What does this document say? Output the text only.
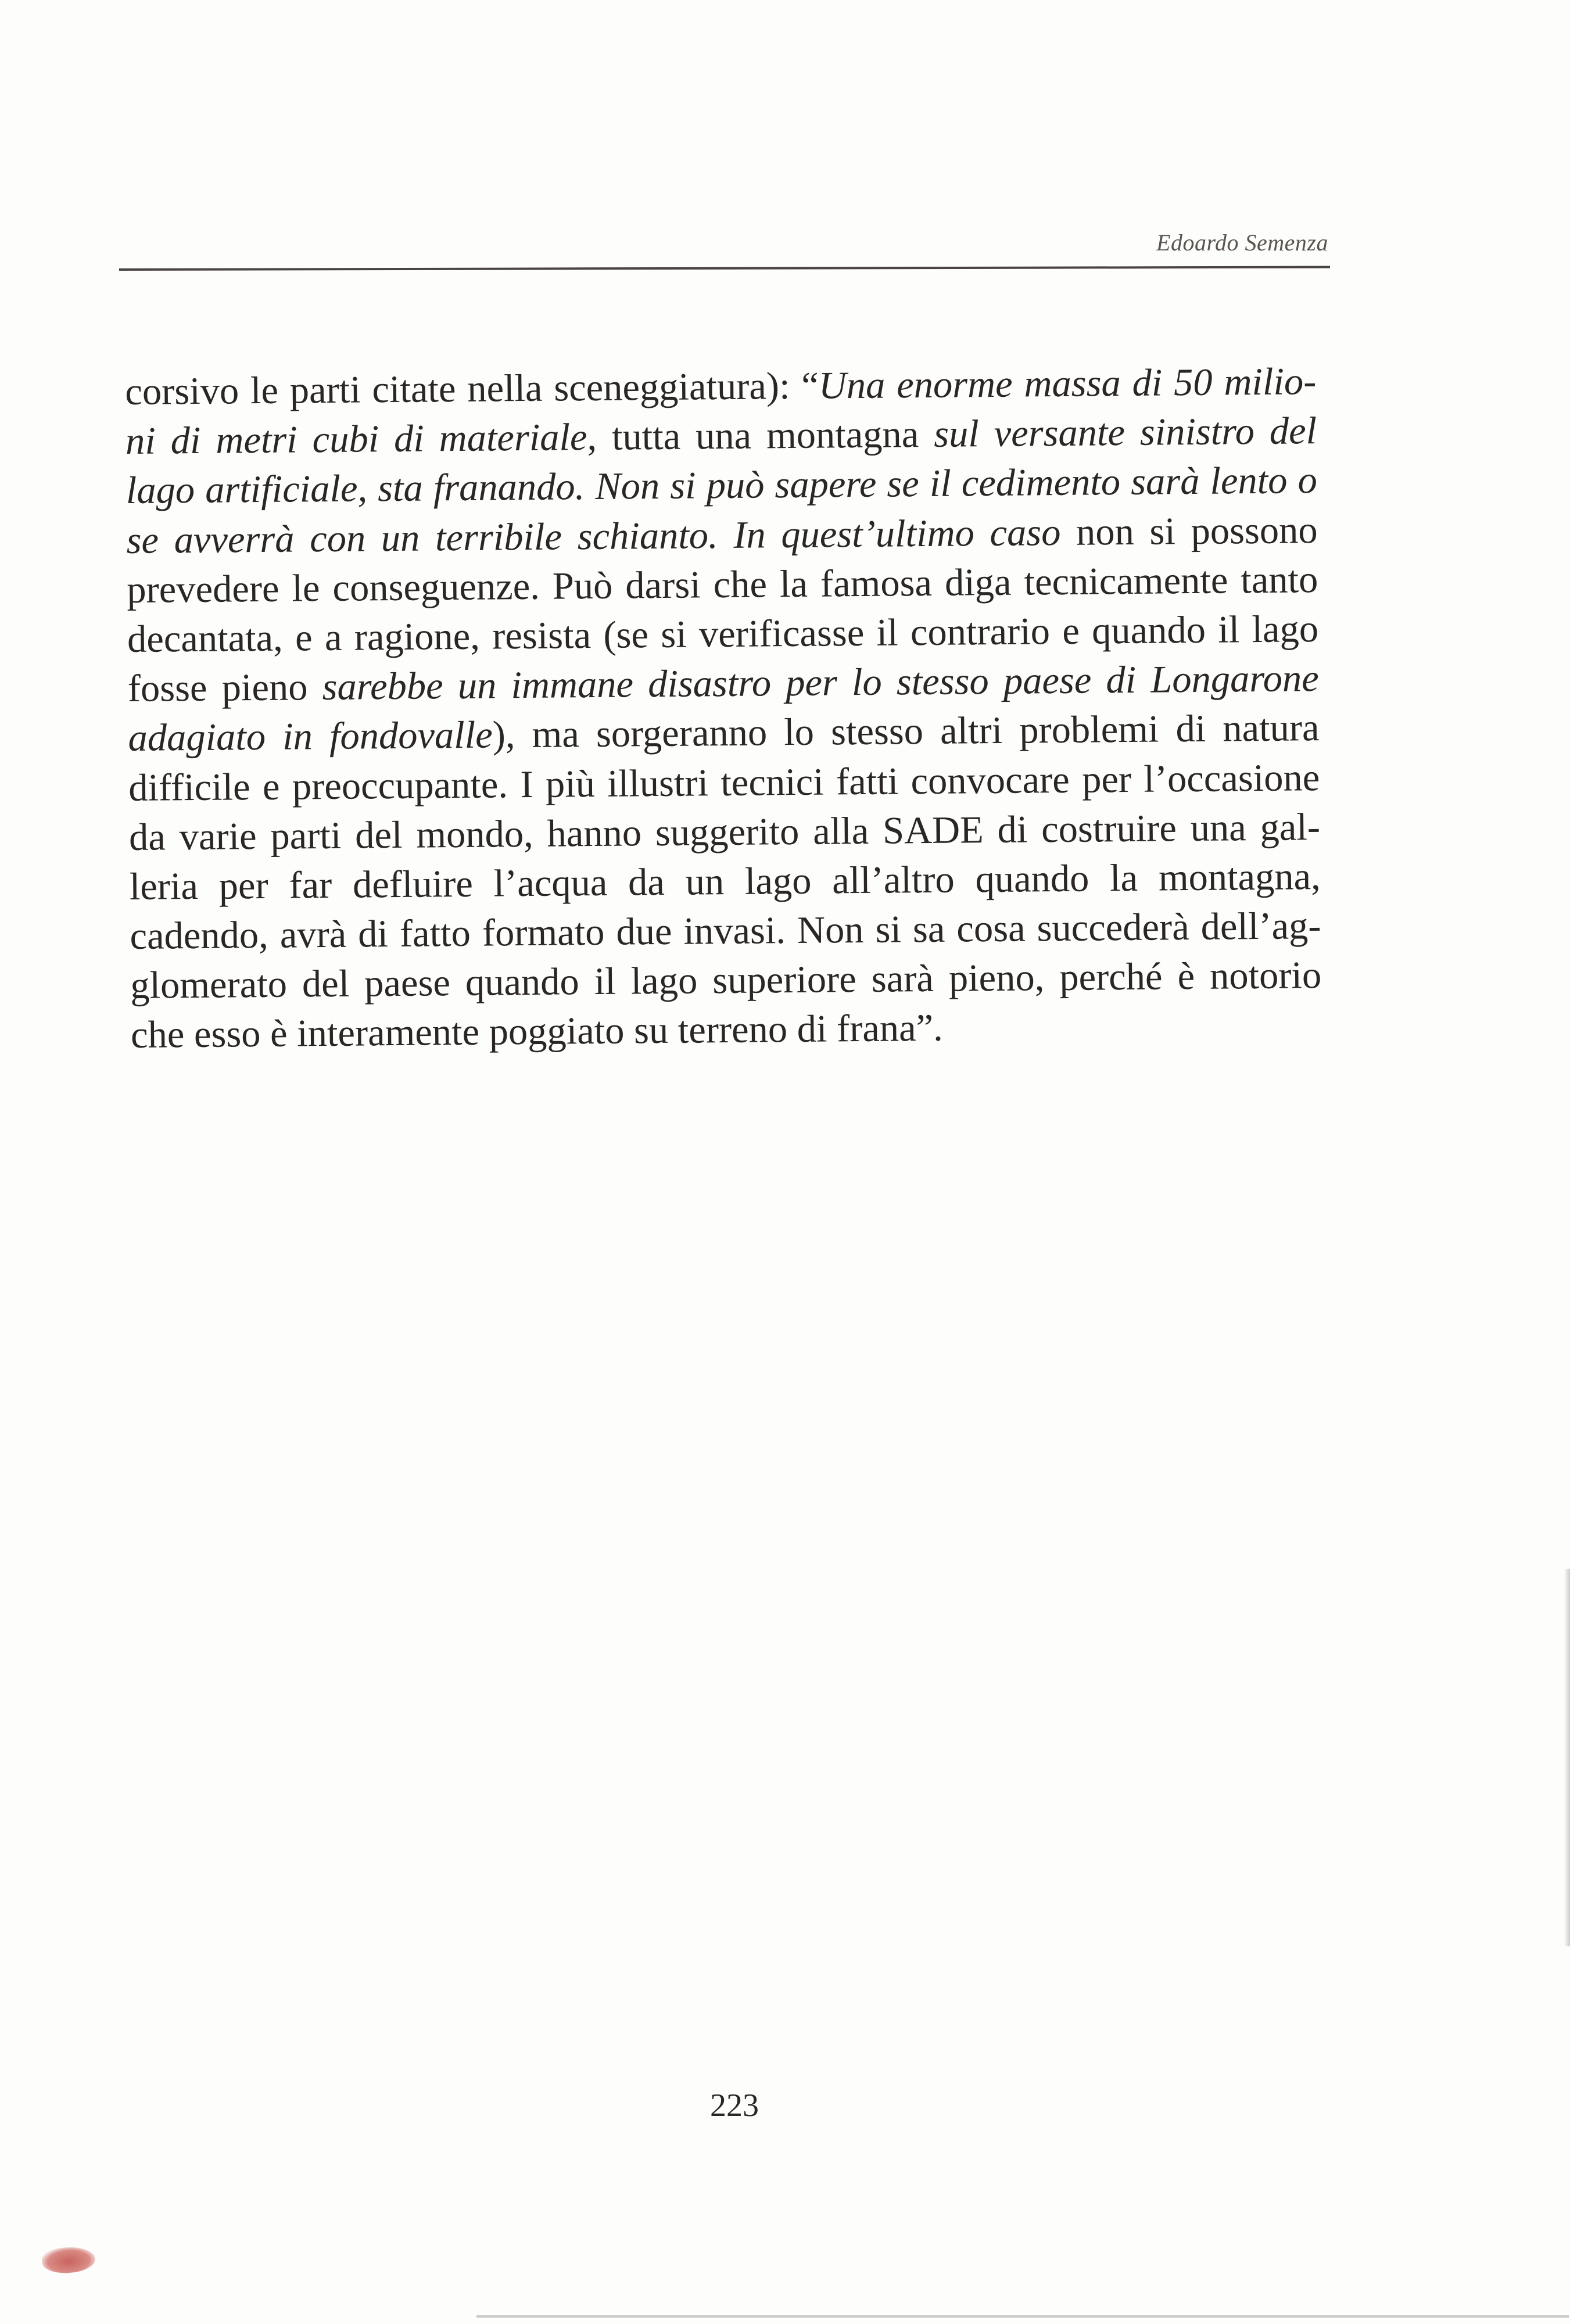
Edoardo Semenza
corsivo le parti citate nella sceneggiatura): “Una enorme massa di 50 milio-
ni di metri cubi di materiale, tutta una montagna sul versante sinistro del
lago artificiale, sta franando. Non si può sapere se il cedimento sarà lento o
se avverrà con un terribile schianto. In quest’ultimo caso non si possono
prevedere le conseguenze. Può darsi che la famosa diga tecnicamente tanto
decantata, e a ragione, resista (se si verificasse il contrario e quando il lago
fosse pieno sarebbe un immane disastro per lo stesso paese di Longarone
adagiato in fondovalle), ma sorgeranno lo stesso altri problemi di natura
difficile e preoccupante. I più illustri tecnici fatti convocare per l’occasione
da varie parti del mondo, hanno suggerito alla SADE di costruire una gal-
leria per far defluire l’acqua da un lago all’altro quando la montagna,
cadendo, avrà di fatto formato due invasi. Non si sa cosa succederà dell’ag-
glomerato del paese quando il lago superiore sarà pieno, perché è notorio
che esso è interamente poggiato su terreno di frana”.
223
